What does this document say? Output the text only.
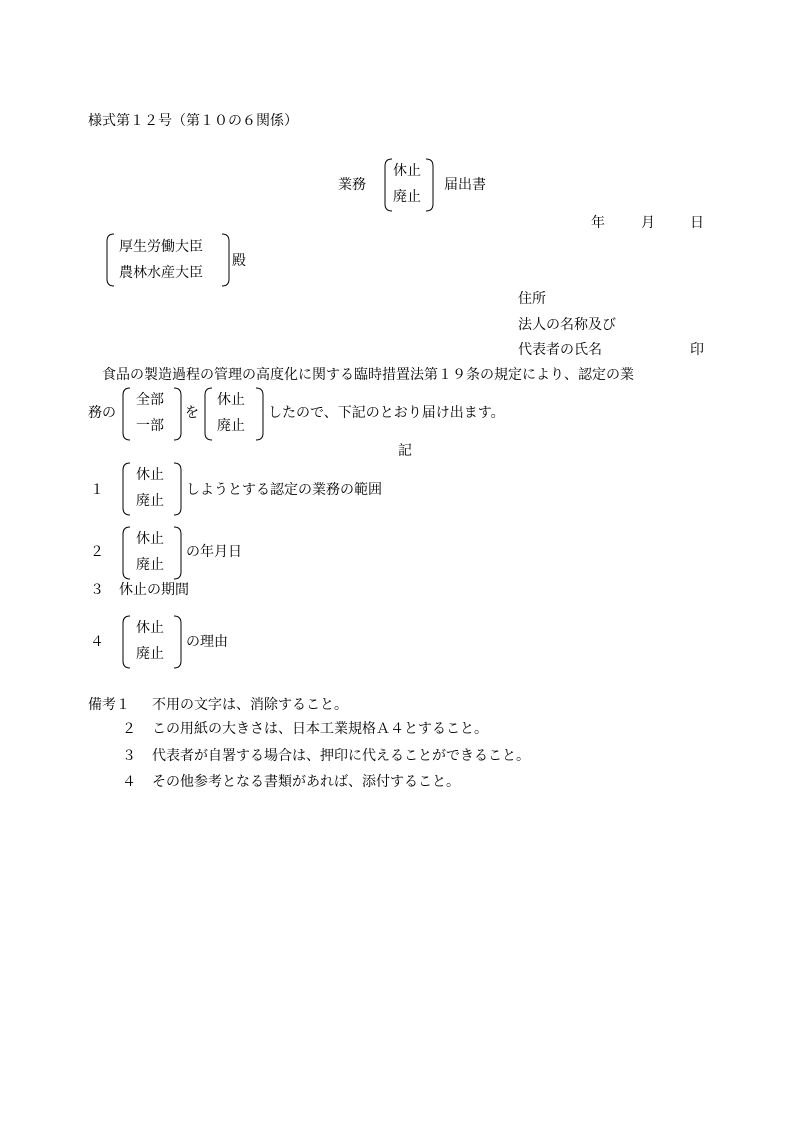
様式第１２号（第１０の６関係）
業務
休止
廃止
届出書
年	月	日
厚生労働大臣
農林水産大臣
殿
住所
法人の名称及び
代表者の氏名	印
食品の製造過程の管理の高度化に関する臨時措置法第１９条の規定により、認定の業
務の
全部
一部
を
休止
廃止
したので、下記のとおり届け出ます。
記
１
休止
廃止
しようとする認定の業務の範囲
２
休止
廃止
の年月日
３ 休止の期間
４
休止
廃止
の理由
備考１ 不用の文字は、消除すること。
２ この用紙の大きさは、日本工業規格Ａ４とすること。
３ 代表者が自署する場合は、押印に代えることができること。
４ その他参考となる書類があれば、添付すること。
